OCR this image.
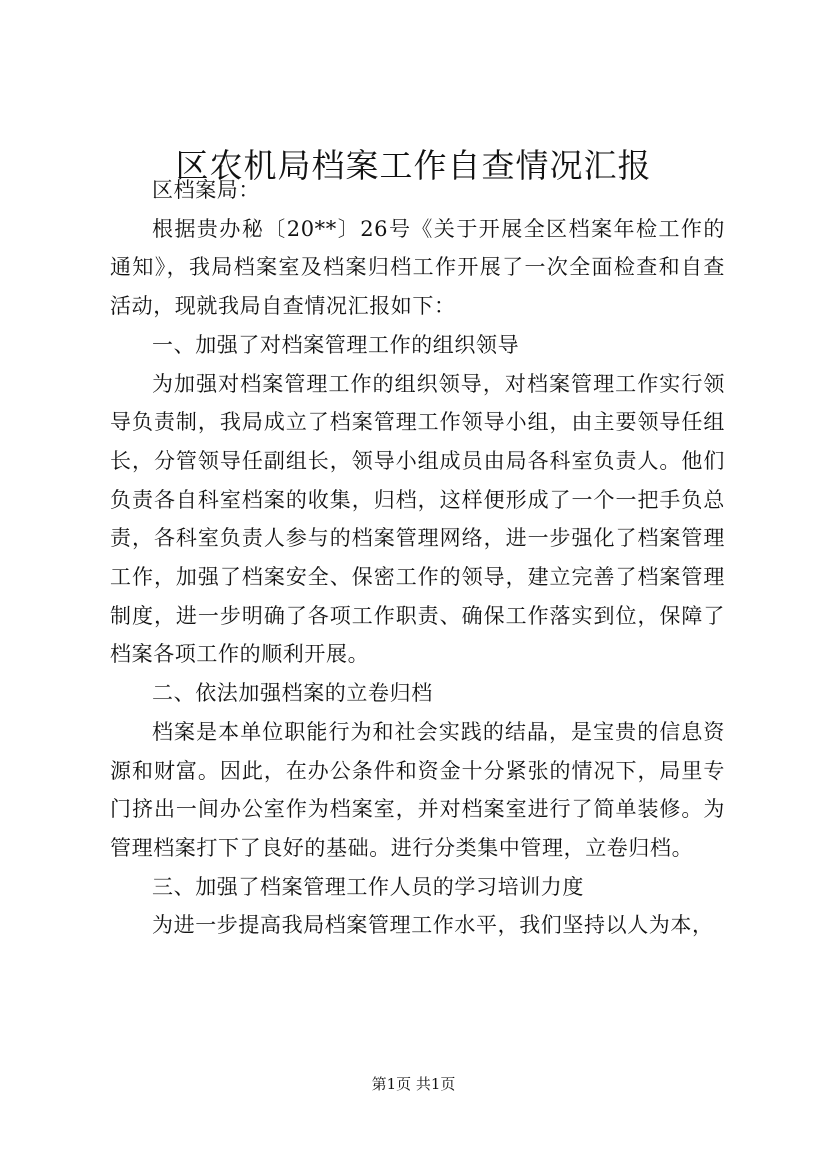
区农机局档案工作自查情况汇报

区档案局：

根据贵办秘〔20**〕26号《关于开展全区档案年检工作的通知》，我局档案室及档案归档工作开展了一次全面检查和自查活动，现就我局自查情况汇报如下：

一、加强了对档案管理工作的组织领导

为加强对档案管理工作的组织领导，对档案管理工作实行领导负责制，我局成立了档案管理工作领导小组，由主要领导任组长，分管领导任副组长，领导小组成员由局各科室负责人。他们负责各自科室档案的收集，归档，这样便形成了一个一把手负总责，各科室负责人参与的档案管理网络，进一步强化了档案管理工作，加强了档案安全、保密工作的领导，建立完善了档案管理制度，进一步明确了各项工作职责、确保工作落实到位，保障了档案各项工作的顺利开展。

二、依法加强档案的立卷归档

档案是本单位职能行为和社会实践的结晶，是宝贵的信息资源和财富。因此，在办公条件和资金十分紧张的情况下，局里专门挤出一间办公室作为档案室，并对档案室进行了简单装修。为管理档案打下了良好的基础。进行分类集中管理，立卷归档。

三、加强了档案管理工作人员的学习培训力度

为进一步提高我局档案管理工作水平，我们坚持以人为本，

第1页 共1页
